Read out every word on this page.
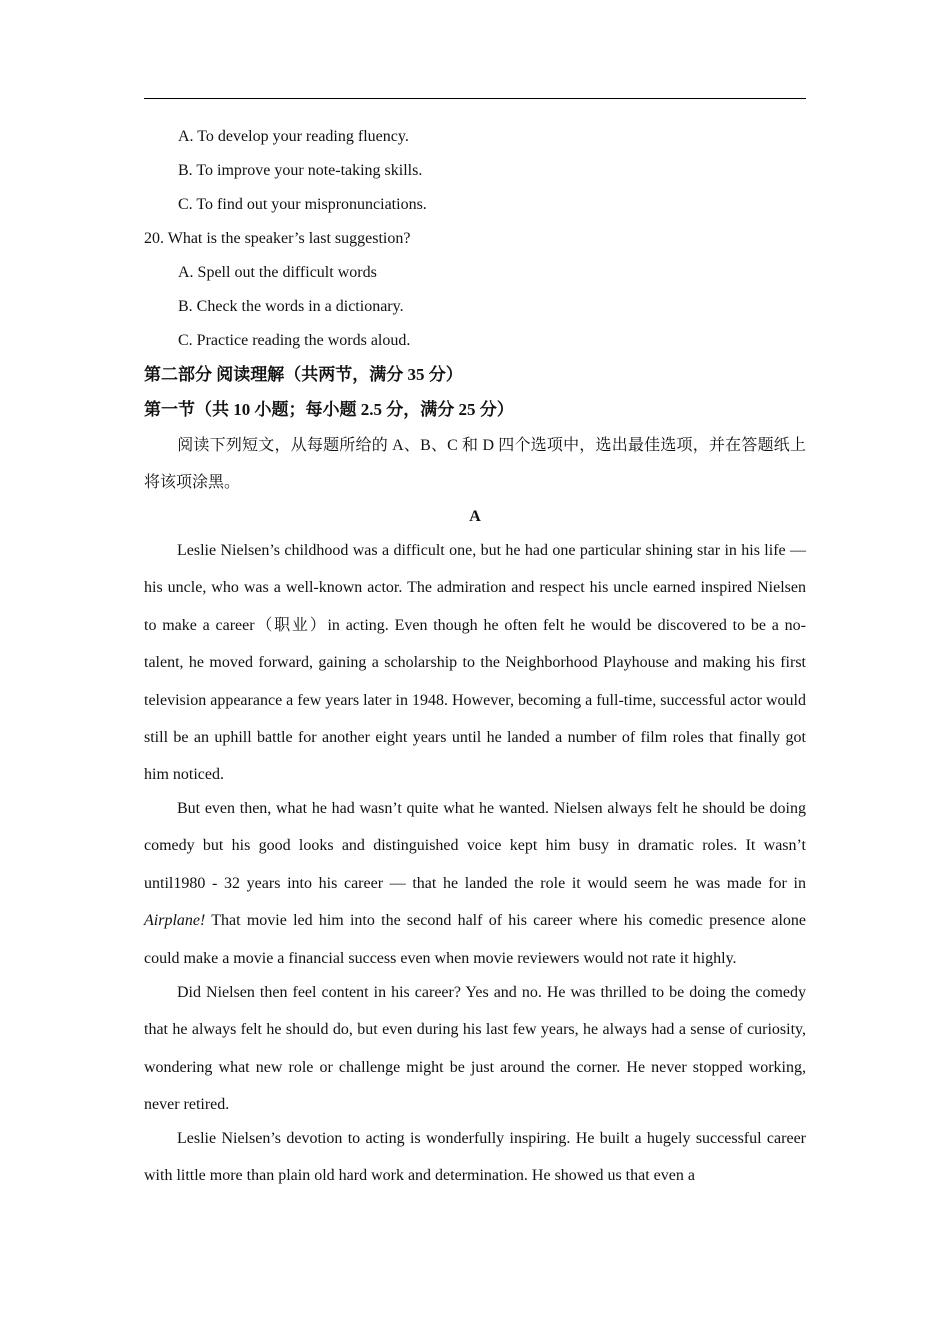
A. To develop your reading fluency.
B. To improve your note-taking skills.
C. To find out your mispronunciations.
20. What is the speaker’s last suggestion?
A. Spell out the difficult words
B. Check the words in a dictionary.
C. Practice reading the words aloud.
第二部分 阅读理解（共两节，满分 35 分）
第一节（共 10 小题；每小题 2.5 分，满分 25 分）
阅读下列短文，从每题所给的 A、B、C 和 D 四个选项中，选出最佳选项，并在答题纸上将该项涂黑。
A
Leslie Nielsen’s childhood was a difficult one, but he had one particular shining star in his life — his uncle, who was a well-known actor. The admiration and respect his uncle earned inspired Nielsen to make a career（职业）in acting. Even though he often felt he would be discovered to be a no-talent, he moved forward, gaining a scholarship to the Neighborhood Playhouse and making his first television appearance a few years later in 1948. However, becoming a full-time, successful actor would still be an uphill battle for another eight years until he landed a number of film roles that finally got him noticed.
But even then, what he had wasn’t quite what he wanted. Nielsen always felt he should be doing comedy but his good looks and distinguished voice kept him busy in dramatic roles. It wasn’t until1980 - 32 years into his career — that he landed the role it would seem he was made for in Airplane! That movie led him into the second half of his career where his comedic presence alone could make a movie a financial success even when movie reviewers would not rate it highly.
Did Nielsen then feel content in his career? Yes and no. He was thrilled to be doing the comedy that he always felt he should do, but even during his last few years, he always had a sense of curiosity, wondering what new role or challenge might be just around the corner. He never stopped working, never retired.
Leslie Nielsen’s devotion to acting is wonderfully inspiring. He built a hugely successful career with little more than plain old hard work and determination. He showed us that even a
